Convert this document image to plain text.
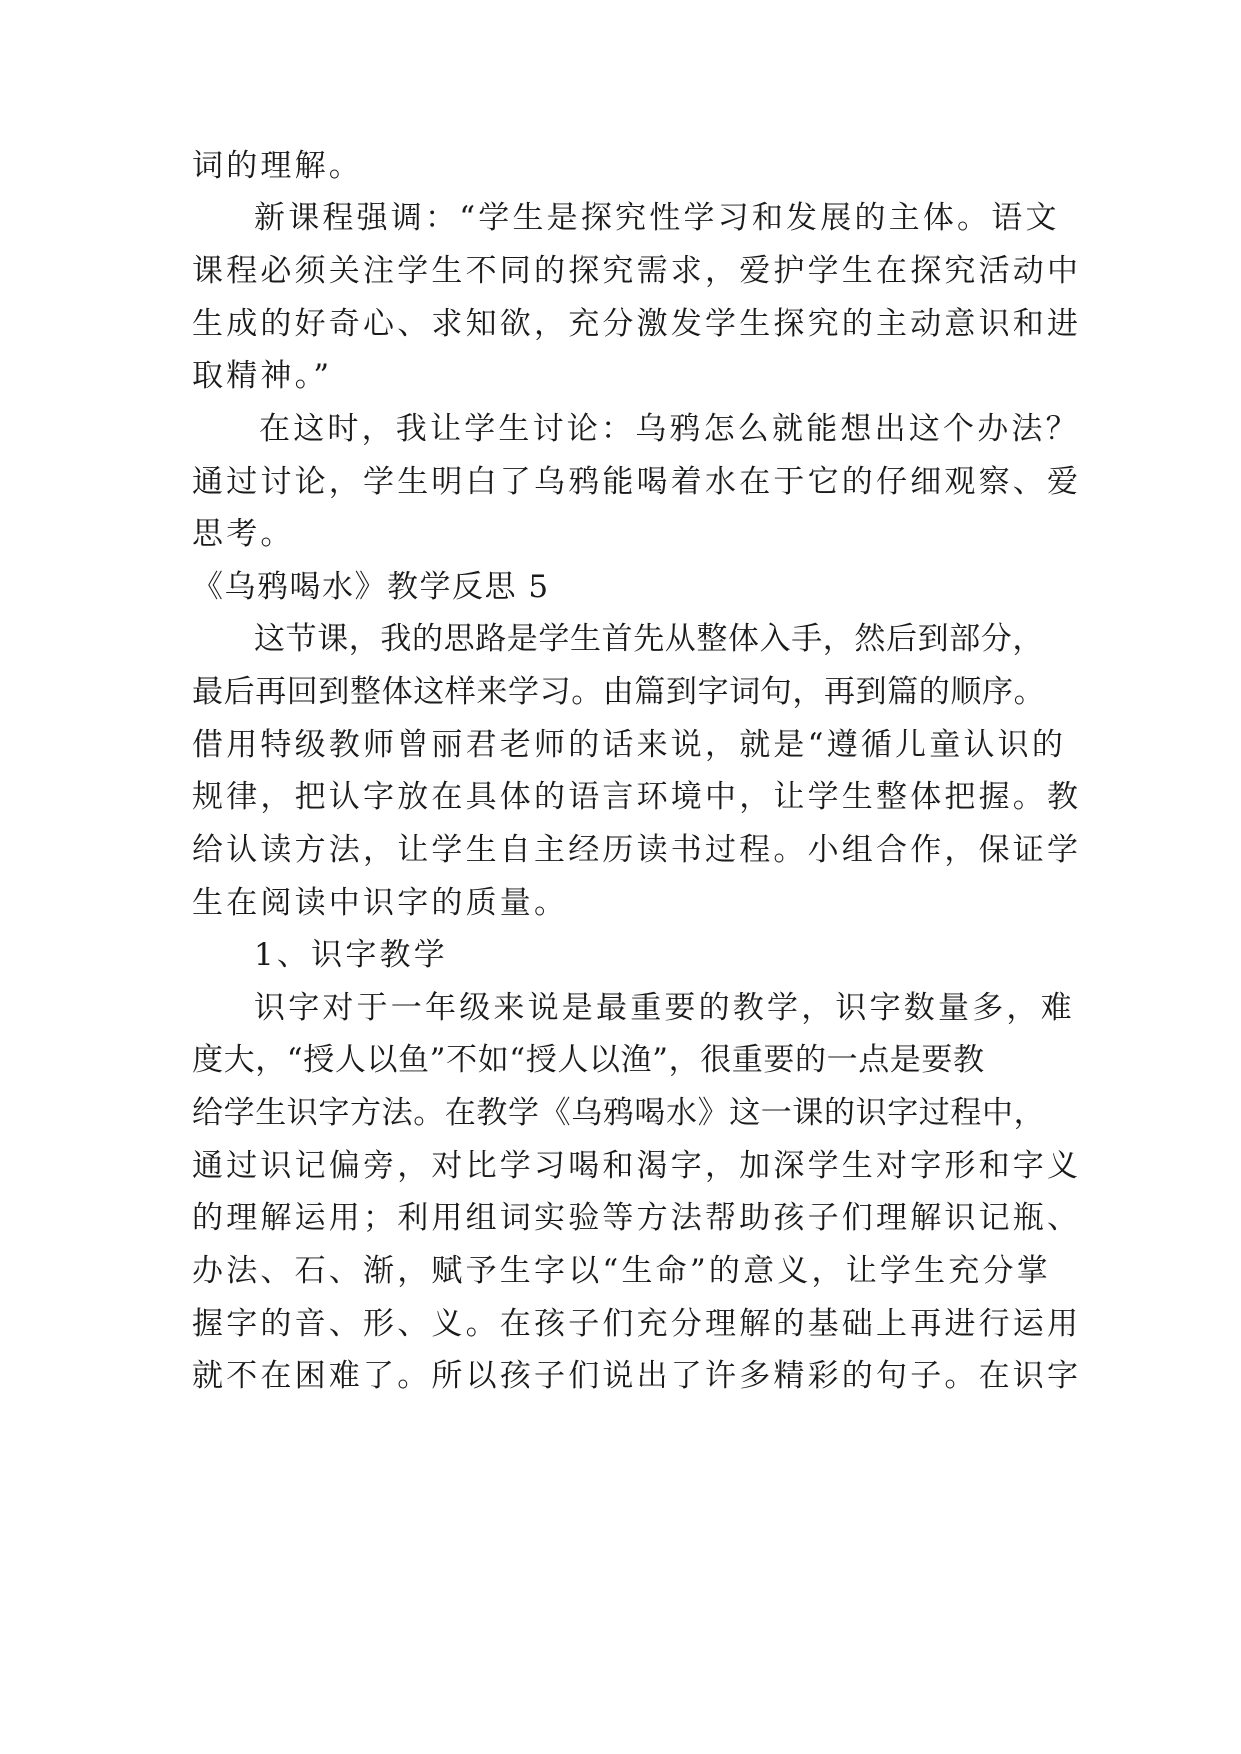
词的理解。
新课程强调：“学生是探究性学习和发展的主体。语文
课程必须关注学生不同的探究需求，爱护学生在探究活动中
生成的好奇心、求知欲，充分激发学生探究的主动意识和进
取精神。”
在这时，我让学生讨论：乌鸦怎么就能想出这个办法？
通过讨论，学生明白了乌鸦能喝着水在于它的仔细观察、爱
思考。
《乌鸦喝水》教学反思 5
这节课，我的思路是学生首先从整体入手，然后到部分，
最后再回到整体这样来学习。由篇到字词句，再到篇的顺序。
借用特级教师曾丽君老师的话来说，就是“遵循儿童认识的
规律，把认字放在具体的语言环境中，让学生整体把握。教
给认读方法，让学生自主经历读书过程。小组合作，保证学
生在阅读中识字的质量。
1、识字教学
识字对于一年级来说是最重要的教学，识字数量多，难
度大，“授人以鱼”不如“授人以渔”，很重要的一点是要教
给学生识字方法。在教学《乌鸦喝水》这一课的识字过程中，
通过识记偏旁，对比学习喝和渴字，加深学生对字形和字义
的理解运用；利用组词实验等方法帮助孩子们理解识记瓶、
办法、石、渐，赋予生字以“生命”的意义，让学生充分掌
握字的音、形、义。在孩子们充分理解的基础上再进行运用
就不在困难了。所以孩子们说出了许多精彩的句子。在识字
